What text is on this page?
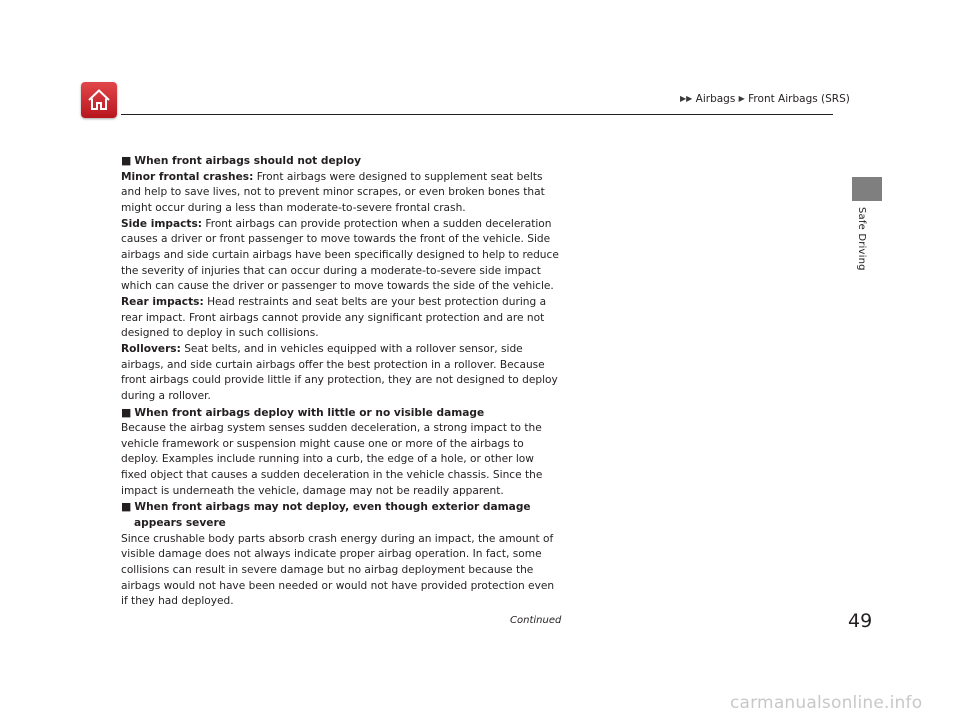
▶▶ Airbags ▶ Front Airbags (SRS)
Safe Driving

■ When front airbags should not deploy

Minor frontal crashes: Front airbags were designed to supplement seat belts and help to save lives, not to prevent minor scrapes, or even broken bones that might occur during a less than moderate-to-severe frontal crash.

Side impacts: Front airbags can provide protection when a sudden deceleration causes a driver or front passenger to move towards the front of the vehicle. Side airbags and side curtain airbags have been specifically designed to help to reduce the severity of injuries that can occur during a moderate-to-severe side impact which can cause the driver or passenger to move towards the side of the vehicle.

Rear impacts: Head restraints and seat belts are your best protection during a rear impact. Front airbags cannot provide any significant protection and are not designed to deploy in such collisions.

Rollovers: Seat belts, and in vehicles equipped with a rollover sensor, side airbags, and side curtain airbags offer the best protection in a rollover. Because front airbags could provide little if any protection, they are not designed to deploy during a rollover.

■ When front airbags deploy with little or no visible damage

Because the airbag system senses sudden deceleration, a strong impact to the vehicle framework or suspension might cause one or more of the airbags to deploy. Examples include running into a curb, the edge of a hole, or other low fixed object that causes a sudden deceleration in the vehicle chassis. Since the impact is underneath the vehicle, damage may not be readily apparent.

■ When front airbags may not deploy, even though exterior damage appears severe

Since crushable body parts absorb crash energy during an impact, the amount of visible damage does not always indicate proper airbag operation. In fact, some collisions can result in severe damage but no airbag deployment because the airbags would not have been needed or would not have provided protection even if they had deployed.

Continued	49
carmanualsonline.info
